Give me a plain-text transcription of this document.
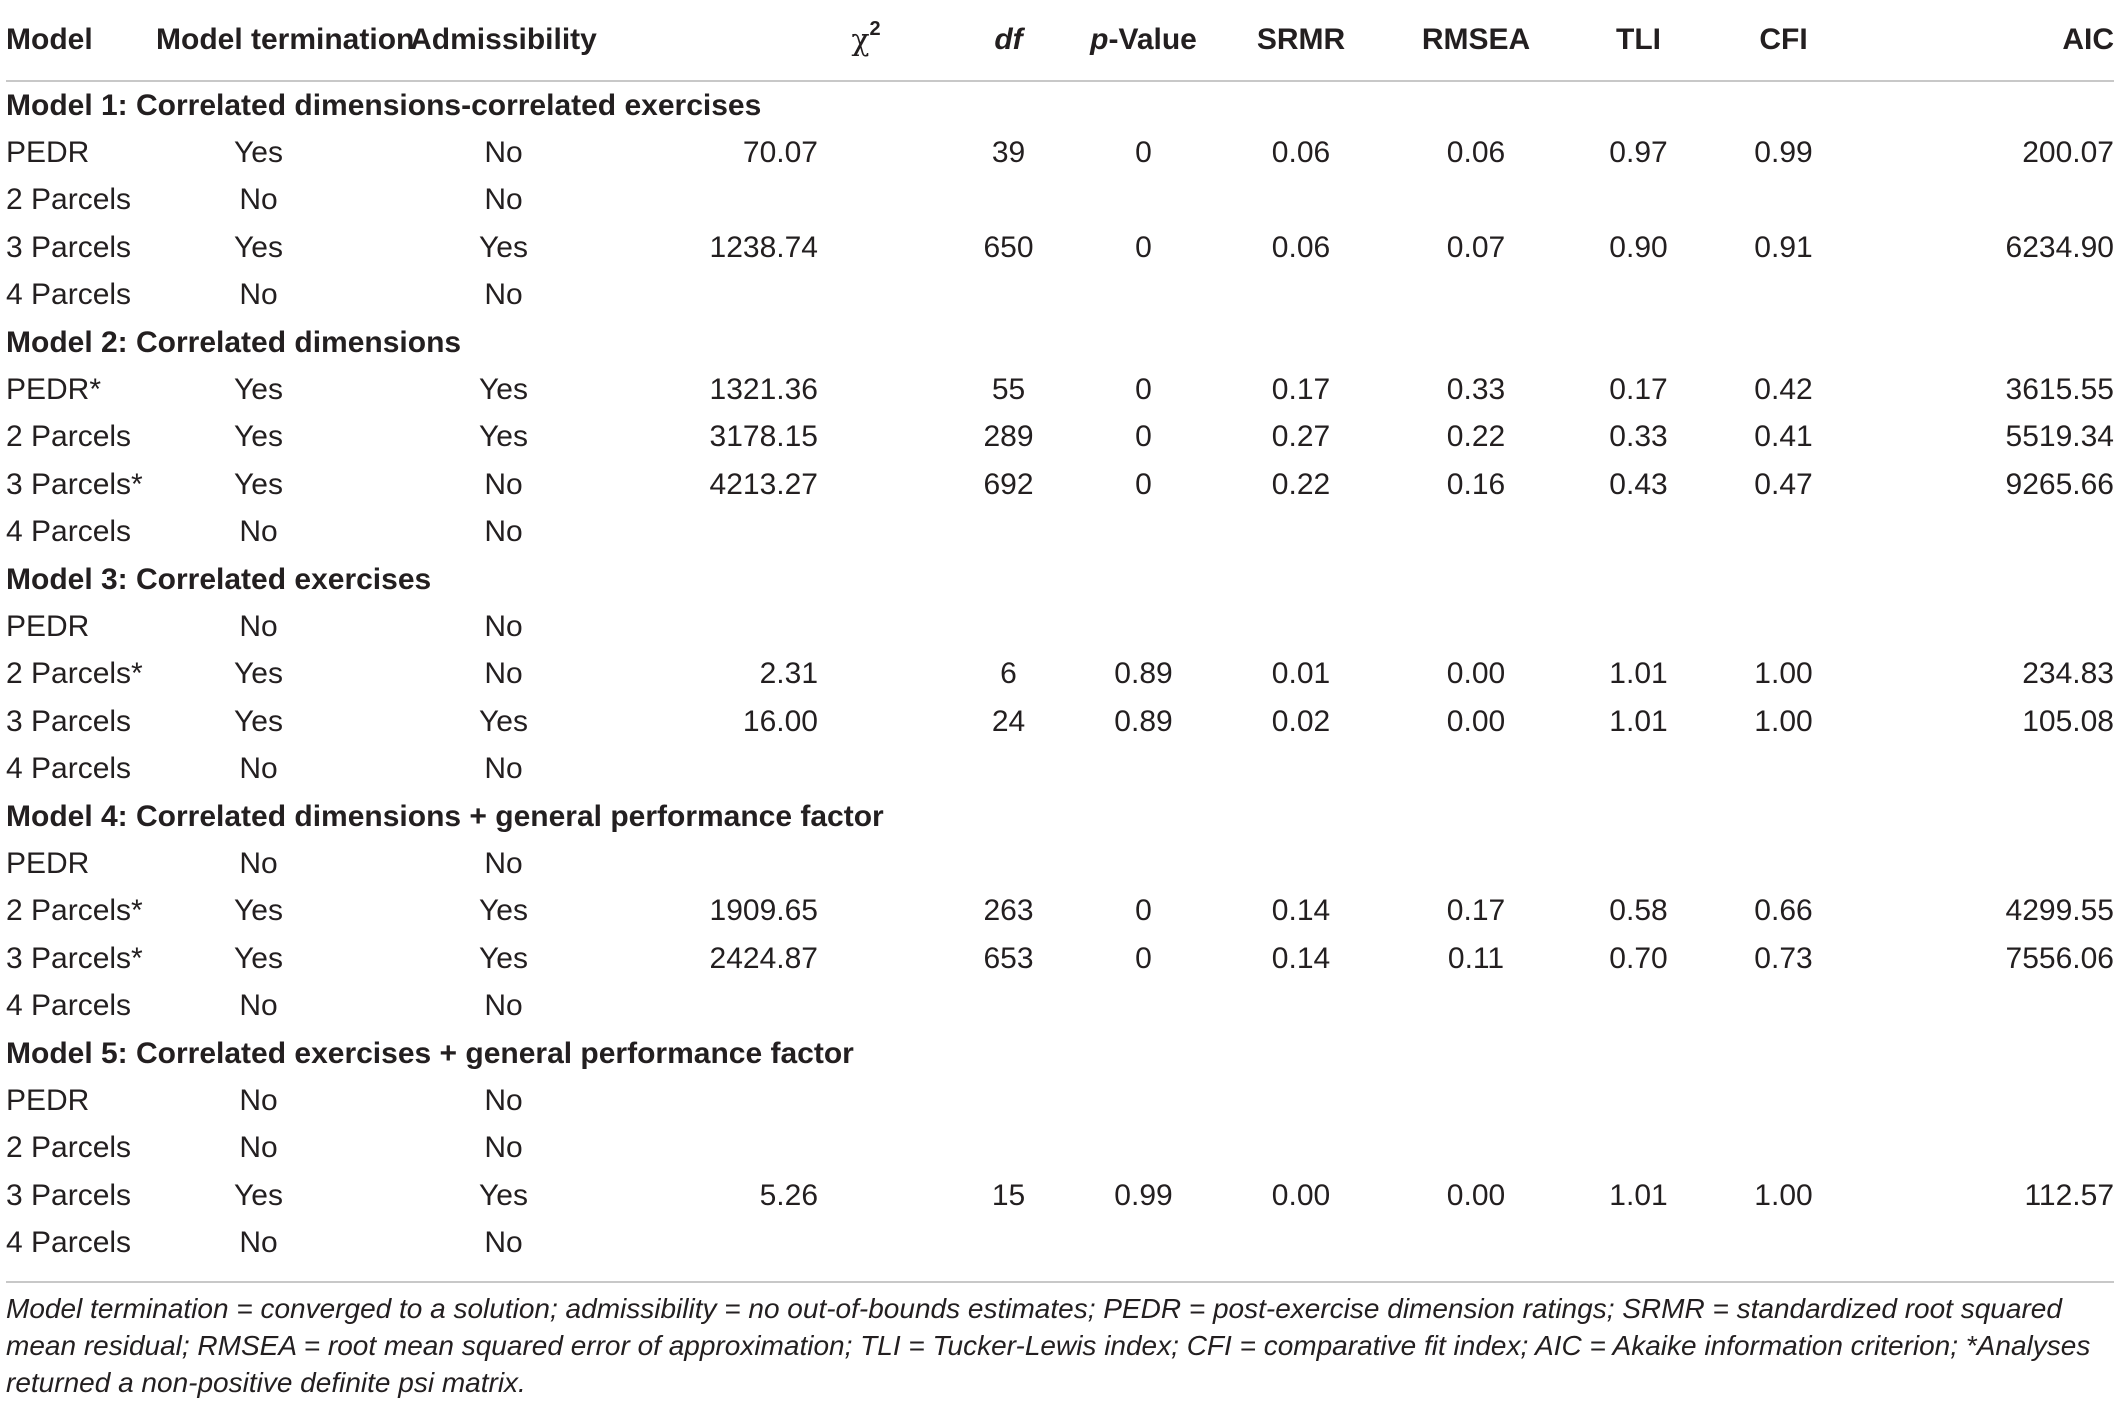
Model	Model termination	Admissibility	$\chi^2$	df	p-Value	SRMR	RMSEA	TLI	CFI	AIC
Model 1: Correlated dimensions-correlated exercises										
PEDR	Yes	No	70.07	39	0	0.06	0.06	0.97	0.99	200.07
2 Parcels	No	No								
3 Parcels	Yes	Yes	1238.74	650	0	0.06	0.07	0.90	0.91	6234.90
4 Parcels	No	No								
Model 2: Correlated dimensions										
PEDR*	Yes	Yes	1321.36	55	0	0.17	0.33	0.17	0.42	3615.55
2 Parcels	Yes	Yes	3178.15	289	0	0.27	0.22	0.33	0.41	5519.34
3 Parcels*	Yes	No	4213.27	692	0	0.22	0.16	0.43	0.47	9265.66
4 Parcels	No	No								
Model 3: Correlated exercises										
PEDR	No	No								
2 Parcels*	Yes	No	2.31	6	0.89	0.01	0.00	1.01	1.00	234.83
3 Parcels	Yes	Yes	16.00	24	0.89	0.02	0.00	1.01	1.00	105.08
4 Parcels	No	No								
Model 4: Correlated dimensions + general performance factor										
PEDR	No	No								
2 Parcels*	Yes	Yes	1909.65	263	0	0.14	0.17	0.58	0.66	4299.55
3 Parcels*	Yes	Yes	2424.87	653	0	0.14	0.11	0.70	0.73	7556.06
4 Parcels	No	No								
Model 5: Correlated exercises + general performance factor										
PEDR	No	No								
2 Parcels	No	No								
3 Parcels	Yes	Yes	5.26	15	0.99	0.00	0.00	1.01	1.00	112.57
4 Parcels	No	No								

Model termination = converged to a solution; admissibility = no out-of-bounds estimates; PEDR = post-exercise dimension ratings; SRMR = standardized root squared mean residual; RMSEA = root mean squared error of approximation; TLI = Tucker-Lewis index; CFI = comparative fit index; AIC = Akaike information criterion; *Analyses returned a non-positive definite psi matrix.
